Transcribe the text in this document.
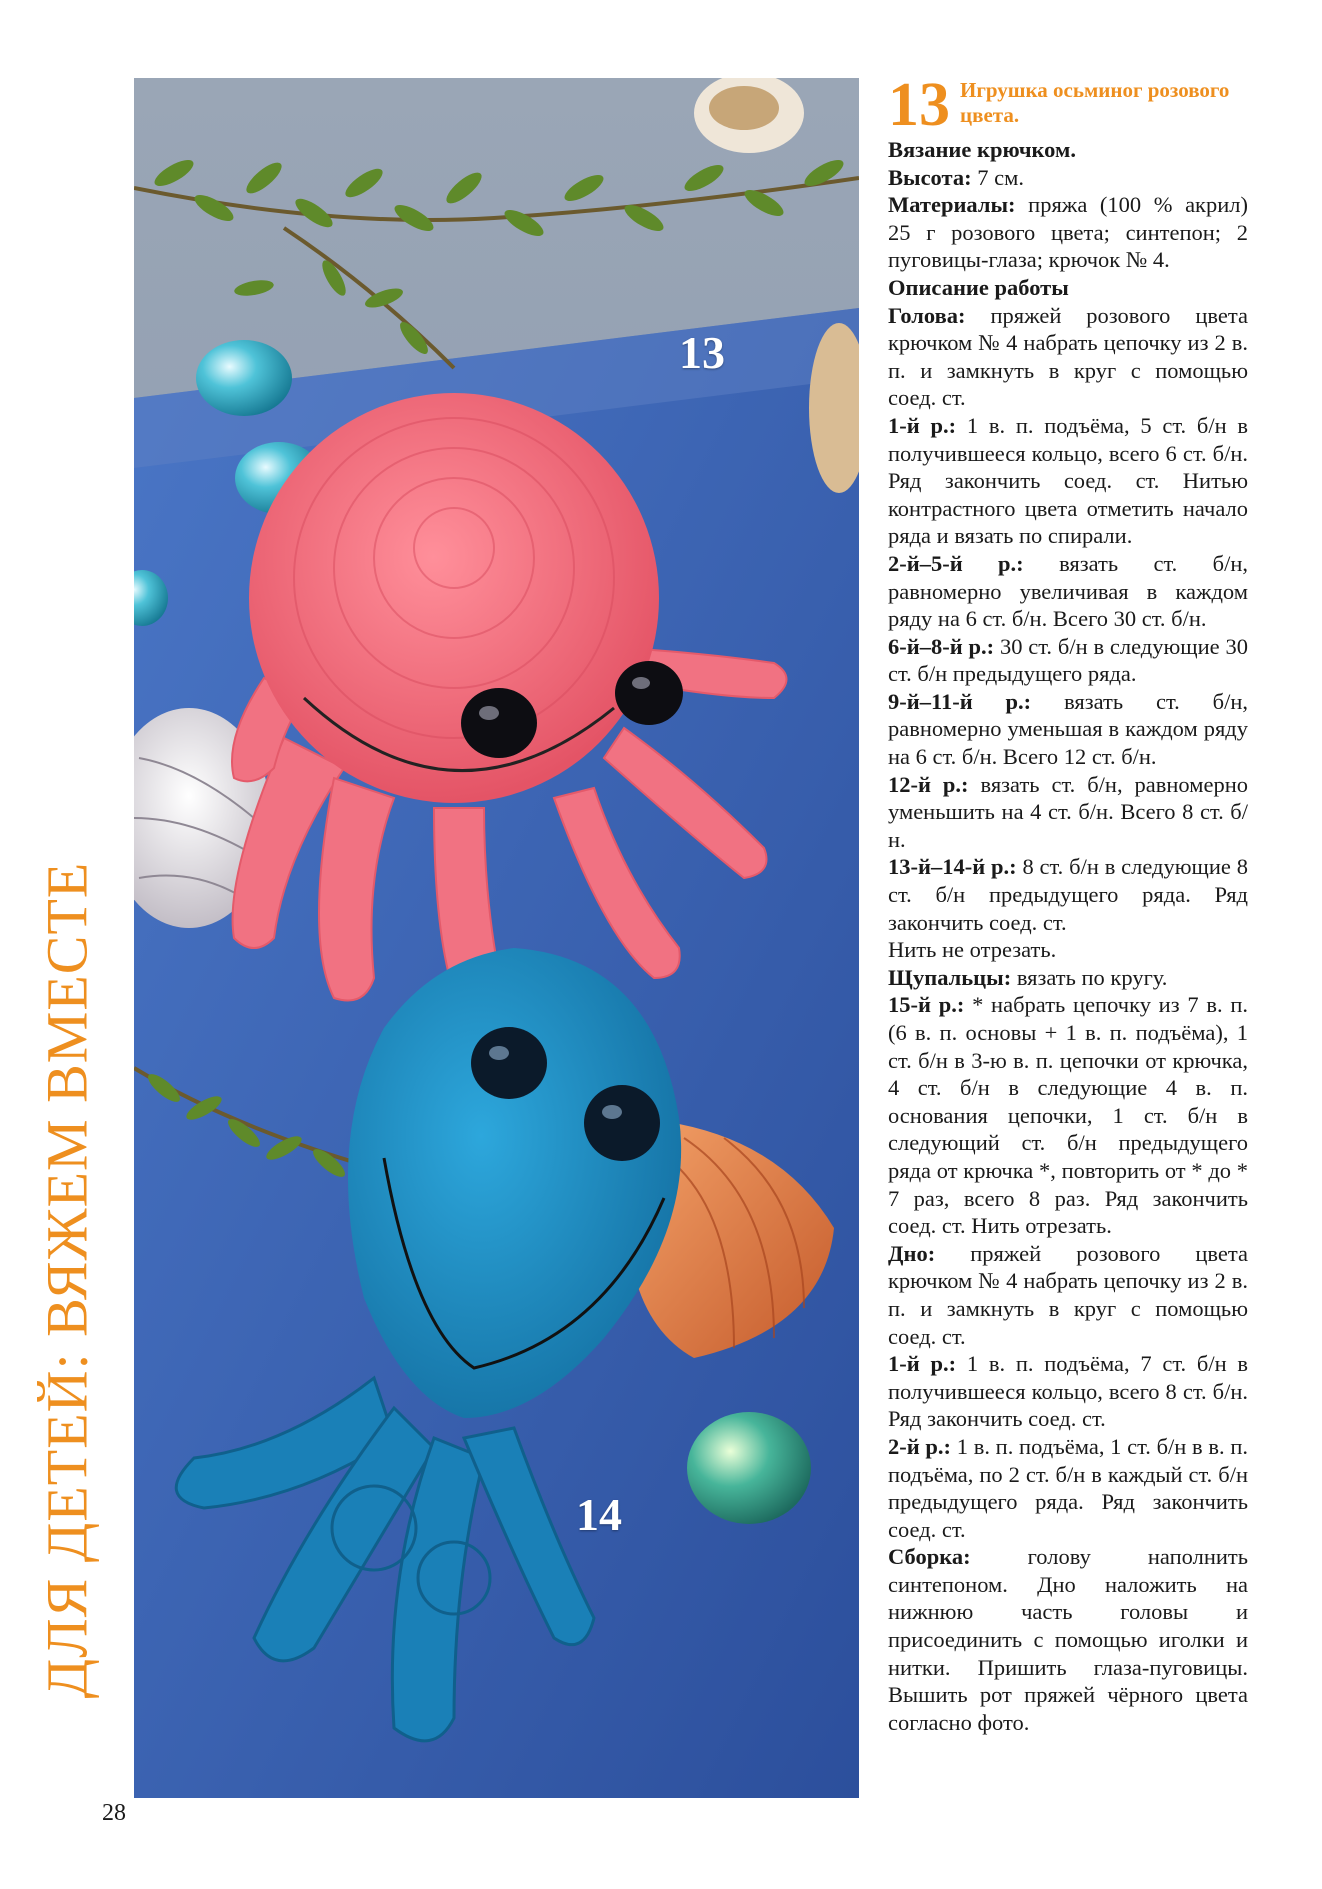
ДЛЯ ДЕТЕЙ: ВЯЖЕМ ВМЕСТЕ
28
13
14
13 Игрушка осьминог розового цвета.

Вязание крючком.

Высота: 7 см.

Материалы: пряжа (100 % акрил) 25 г розового цвета; синтепон; 2 пуговицы-глаза; крючок № 4.

Описание работы

Голова: пряжей розового цвета крючком № 4 набрать цепочку из 2 в. п. и замкнуть в круг с помощью соед. ст.

1-й р.: 1 в. п. подъёма, 5 ст. б/н в получившееся кольцо, всего 6 ст. б/н. Ряд закончить соед. ст. Нитью контрастного цвета отметить начало ряда и вязать по спирали.

2-й–5-й р.: вязать ст. б/н, равномерно увеличивая в каждом ряду на 6 ст. б/н. Всего 30 ст. б/н.

6-й–8-й р.: 30 ст. б/н в следующие 30 ст. б/н предыдущего ряда.

9-й–11-й р.: вязать ст. б/н, равномерно уменьшая в каждом ряду на 6 ст. б/н. Всего 12 ст. б/н.

12-й р.: вязать ст. б/н, равномерно уменьшить на 4 ст. б/н. Всего 8 ст. б/н.

13-й–14-й р.: 8 ст. б/н в следующие 8 ст. б/н предыдущего ряда. Ряд закончить соед. ст.

Нить не отрезать.

Щупальцы: вязать по кругу.

15-й р.: * набрать цепочку из 7 в. п. (6 в. п. основы + 1 в. п. подъёма), 1 ст. б/н в 3-ю в. п. цепочки от крючка, 4 ст. б/н в следующие 4 в. п. основания цепочки, 1 ст. б/н в следующий ст. б/н предыдущего ряда от крючка *, повторить от * до * 7 раз, всего 8 раз. Ряд закончить соед. ст. Нить отрезать.

Дно: пряжей розового цвета крючком № 4 набрать цепочку из 2 в. п. и замкнуть в круг с помощью соед. ст.

1-й р.: 1 в. п. подъёма, 7 ст. б/н в получившееся кольцо, всего 8 ст. б/н. Ряд закончить соед. ст.

2-й р.: 1 в. п. подъёма, 1 ст. б/н в в. п. подъёма, по 2 ст. б/н в каждый ст. б/н предыдущего ряда. Ряд закончить соед. ст.

Сборка: голову наполнить синтепоном. Дно наложить на нижнюю часть головы и присоединить с помощью иголки и нитки. Пришить глаза-пуговицы. Вышить рот пряжей чёрного цвета согласно фото.
